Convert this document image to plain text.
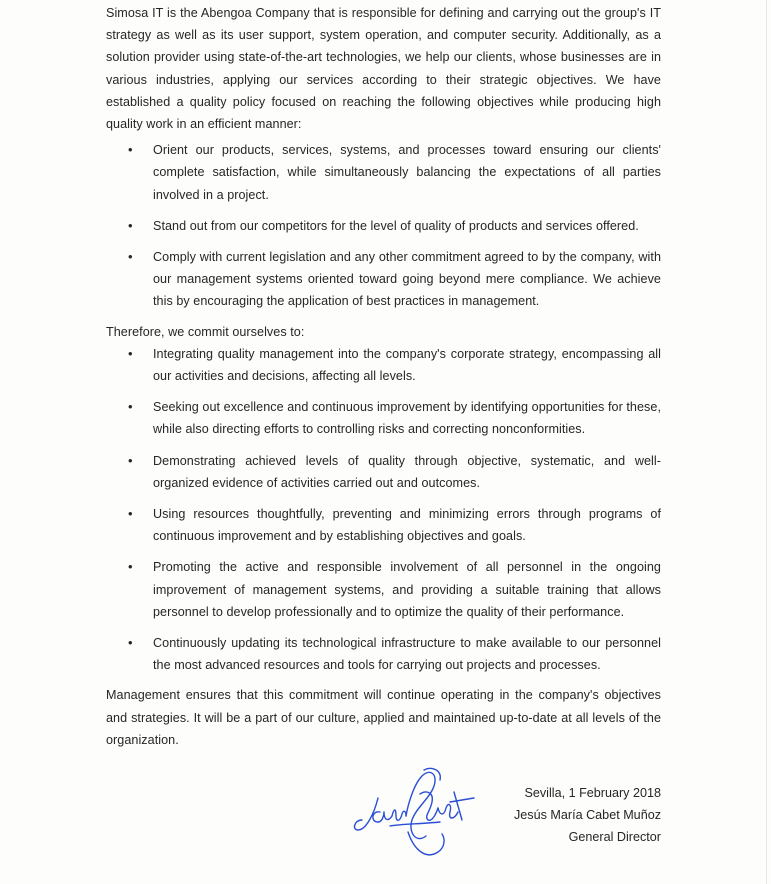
Simosa IT is the Abengoa Company that is responsible for defining and carrying out the group's IT strategy as well as its user support, system operation, and computer security. Additionally, as a solution provider using state-of-the-art technologies, we help our clients, whose businesses are in various industries, applying our services according to their strategic objectives. We have established a quality policy focused on reaching the following objectives while producing high quality work in an efficient manner:

• Orient our products, services, systems, and processes toward ensuring our clients' complete satisfaction, while simultaneously balancing the expectations of all parties involved in a project.
• Stand out from our competitors for the level of quality of products and services offered.
• Comply with current legislation and any other commitment agreed to by the company, with our management systems oriented toward going beyond mere compliance. We achieve this by encouraging the application of best practices in management.

Therefore, we commit ourselves to:

• Integrating quality management into the company's corporate strategy, encompassing all our activities and decisions, affecting all levels.
• Seeking out excellence and continuous improvement by identifying opportunities for these, while also directing efforts to controlling risks and correcting nonconformities.
• Demonstrating achieved levels of quality through objective, systematic, and well-organized evidence of activities carried out and outcomes.
• Using resources thoughtfully, preventing and minimizing errors through programs of continuous improvement and by establishing objectives and goals.
• Promoting the active and responsible involvement of all personnel in the ongoing improvement of management systems, and providing a suitable training that allows personnel to develop professionally and to optimize the quality of their performance.
• Continuously updating its technological infrastructure to make available to our personnel the most advanced resources and tools for carrying out projects and processes.

Management ensures that this commitment will continue operating in the company's objectives and strategies. It will be a part of our culture, applied and maintained up-to-date at all levels of the organization.

Sevilla, 1 February 2018
Jesús María Cabet Muñoz
General Director
